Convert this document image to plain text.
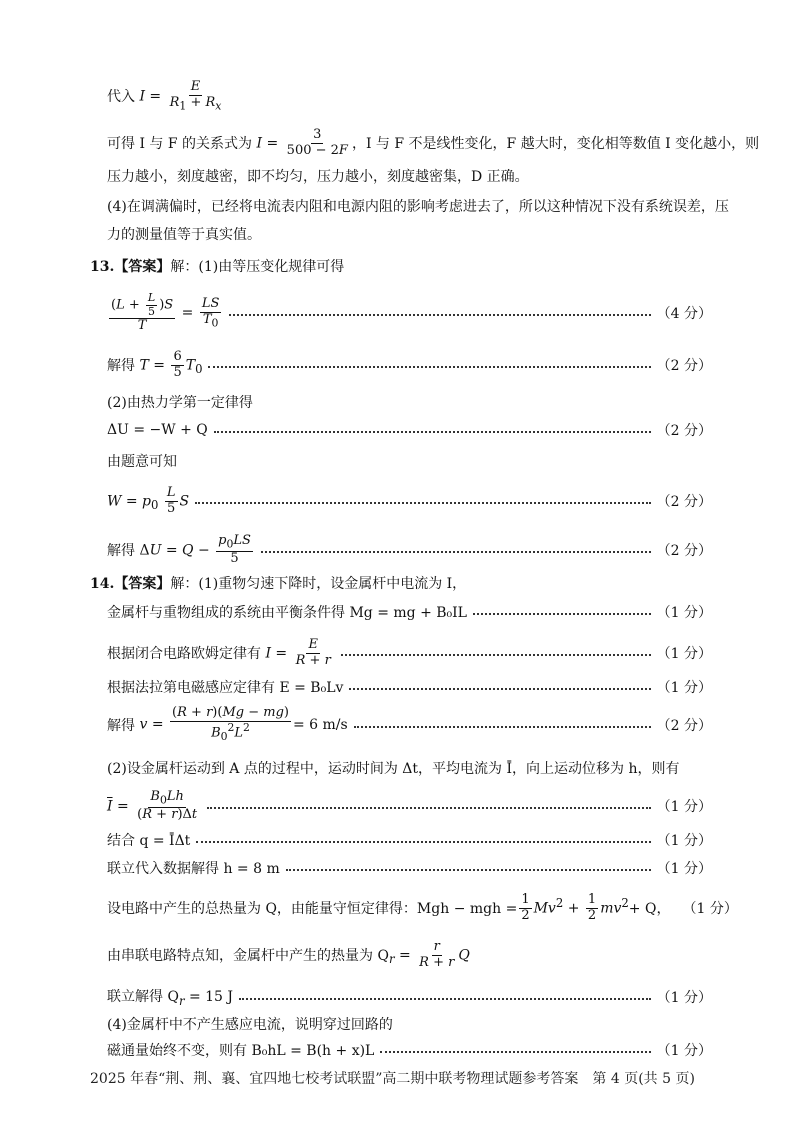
代入 $I = \frac{E}{R_1 + R_x}$
可得 I 与 F 的关系式为 $I = \frac{3}{500 - 2F}$ ，I 与 F 不是线性变化，F 越大时，变化相等数值 I 变化越小，则
压力越小，刻度越密，即不均匀，压力越小，刻度越密集，D 正确。
(4)在调满偏时，已经将电流表内阻和电源内阻的影响考虑进去了，所以这种情况下没有系统误差，压
力的测量值等于真实值。
13.【答案】解：(1)由等压变化规律可得
$\frac{(L + \frac{L}{5} )S}{T} = \frac{LS}{T_0}$	（4 分）
解得 $T = \frac{6}{5} T_0$	（2 分）
(2)由热力学第一定律得
ΔU = −W + Q	（2 分）
由题意可知
$W = p_0 \frac{L}{5}$ S	（2 分）
解得 $\Delta U = Q - \frac{p_0LS}{5}$	（2 分）
14.【答案】解：(1)重物匀速下降时，设金属杆中电流为 I，
金属杆与重物组成的系统由平衡条件得 Mg = mg + B₀IL	（1 分）
根据闭合电路欧姆定律有 $I = \frac{E}{R + r}$	（1 分）
根据法拉第电磁感应定律有 E = B₀Lv	（1 分）
解得 $v = \frac{(R + r)(Mg - mg)}{B_0^2L^2} = 6$ m/s	（2 分）
(2)设金属杆运动到 A 点的过程中，运动时间为 Δt，平均电流为 Ī，向上运动位移为 h，则有
$\overline{I} = \frac{B_0Lh}{(R + r)\Delta t}$	（1 分）
结合 q = ĪΔt	（1 分）
联立代入数据解得 h = 8 m	（1 分）
设电路中产生的总热量为 Q，由能量守恒定律得：Mgh − mgh = $\frac{1}{2} Mv^2 + \frac{1}{2} mv^2 + Q$， （1 分）
由串联电路特点知，金属杆中产生的热量为 Q $_r = \frac{r}{R + r}$ Q
联立解得 $Q_r = 15$ J	（1 分）
(4)金属杆中不产生感应电流，说明穿过回路的
磁通量始终不变，则有 B₀hL = B(h + x)L	（1 分）
2025 年春“荆、荆、襄、宜四地七校考试联盟”高二期中联考物理试题参考答案　第 4 页(共 5 页)
